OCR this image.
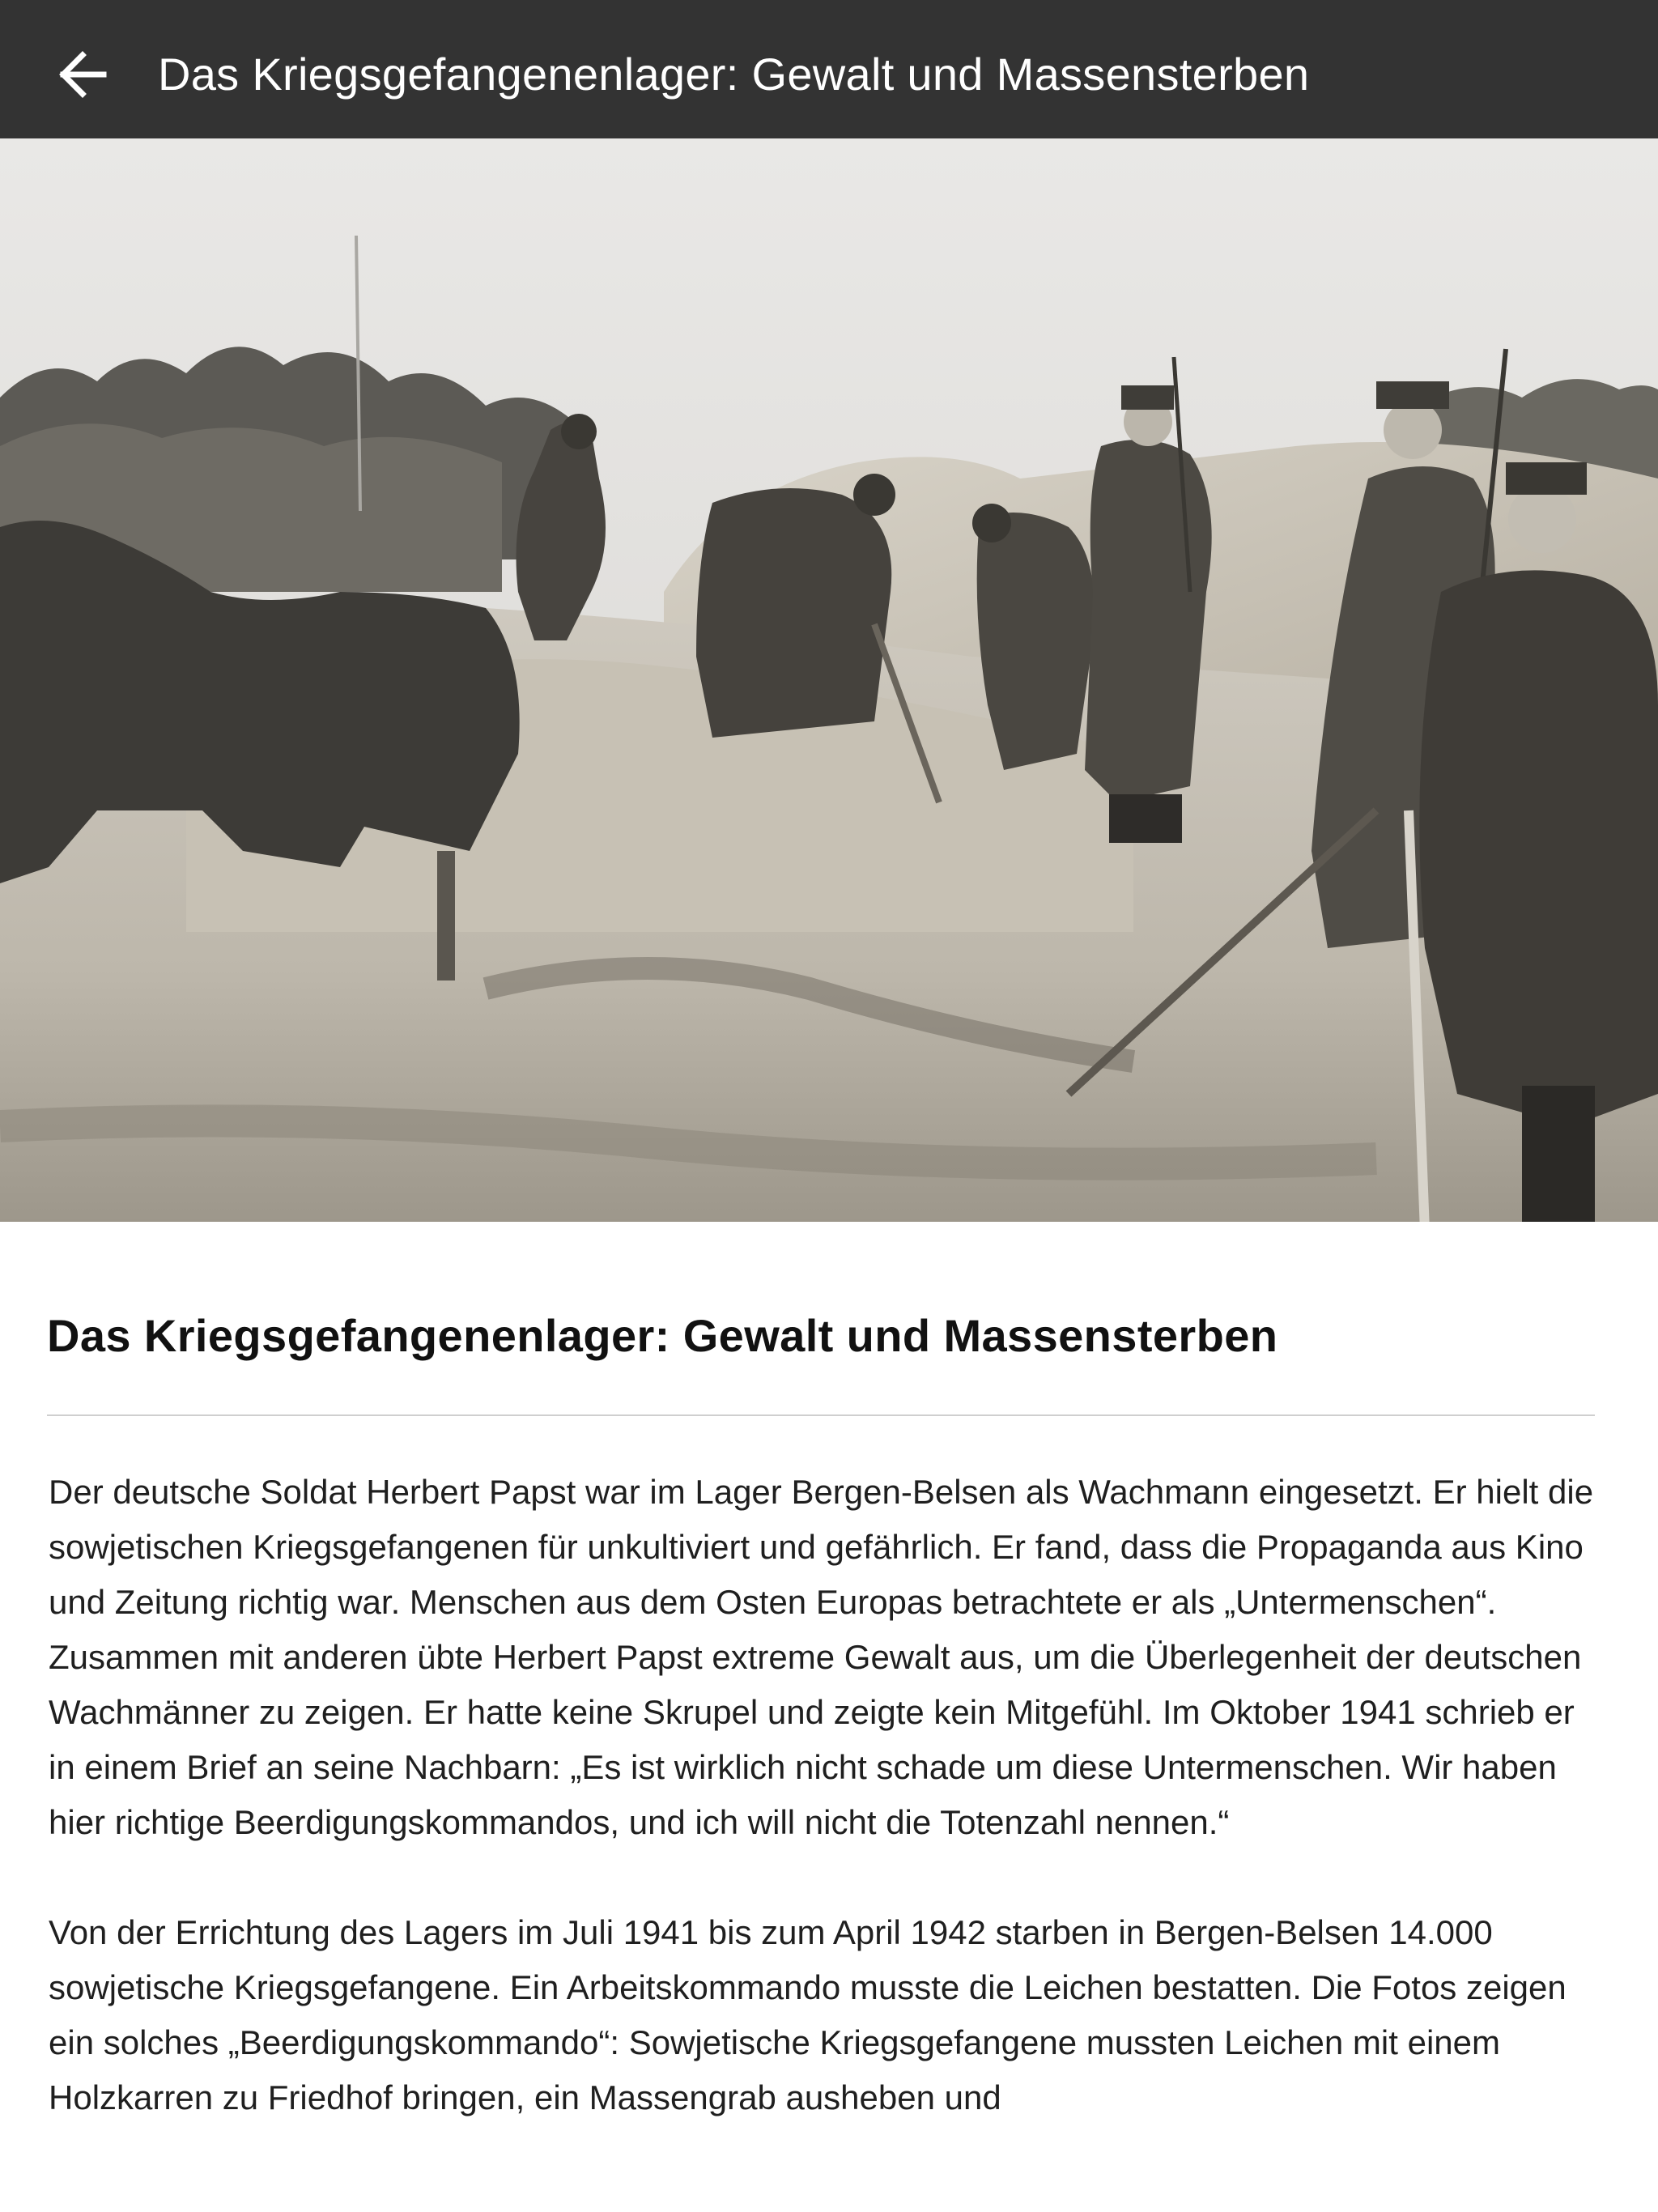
Das Kriegsgefangenenlager: Gewalt und Massensterben
Das Kriegsgefangenenlager: Gewalt und Massensterben

Der deutsche Soldat Herbert Papst war im Lager Bergen-Belsen als Wachmann eingesetzt. Er hielt die sowjetischen Kriegsgefangenen für unkultiviert und gefährlich. Er fand, dass die Propaganda aus Kino und Zeitung richtig war. Menschen aus dem Osten Europas betrachtete er als „Untermenschen“. Zusammen mit anderen übte Herbert Papst extreme Gewalt aus, um die Überlegenheit der deutschen Wachmänner zu zeigen. Er hatte keine Skrupel und zeigte kein Mitgefühl. Im Oktober 1941 schrieb er in einem Brief an seine Nachbarn: „Es ist wirklich nicht schade um diese Untermenschen. Wir haben hier richtige Beerdigungskommandos, und ich will nicht die Totenzahl nennen.“

Von der Errichtung des Lagers im Juli 1941 bis zum April 1942 starben in Bergen-Belsen 14.000 sowjetische Kriegsgefangene. Ein Arbeitskommando musste die Leichen bestatten. Die Fotos zeigen ein solches „Beerdigungskommando“: Sowjetische Kriegsgefangene mussten Leichen mit einem Holzkarren zu Friedhof bringen, ein Massengrab ausheben und
